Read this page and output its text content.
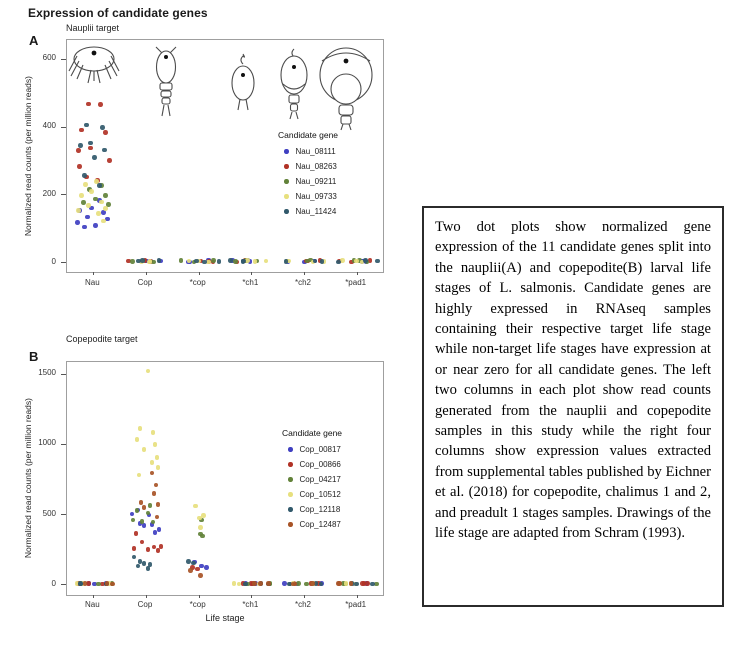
Expression of candidate genes
A
Nauplii target
Normalized read counts (per million reads)
0
200
400
600
Candidate gene
Nau_08111
Nau_08263
Nau_09211
Nau_09733
Nau_11424
Nau	Cop	*cop	*ch1	*ch2	*pad1
B
Copepodite target
Normalized read counts (per million reads)
0
500
1000
1500
Candidate gene
Cop_00817
Cop_00866
Cop_04217
Cop_10512
Cop_12118
Cop_12487
Nau	Cop	*cop	*ch1	*ch2	*pad1
Life stage

Two dot plots show normalized gene expression of the 11 candidate genes split into the nauplii(A) and copepodite(B) larval life stages of L. salmonis. Candidate genes are highly expressed in RNAseq samples containing their respective target life stage while non-target life stages have expression at or near zero for all candidate genes. The left two columns in each plot show read counts generated from the nauplii and copepodite samples in this study while the right four columns show expression values extracted from supplemental tables published by Eichner et al. (2018) for copepodite, chalimus 1 and 2, and preadult 1 stages samples. Drawings of the life stage are adapted from Schram (1993).
